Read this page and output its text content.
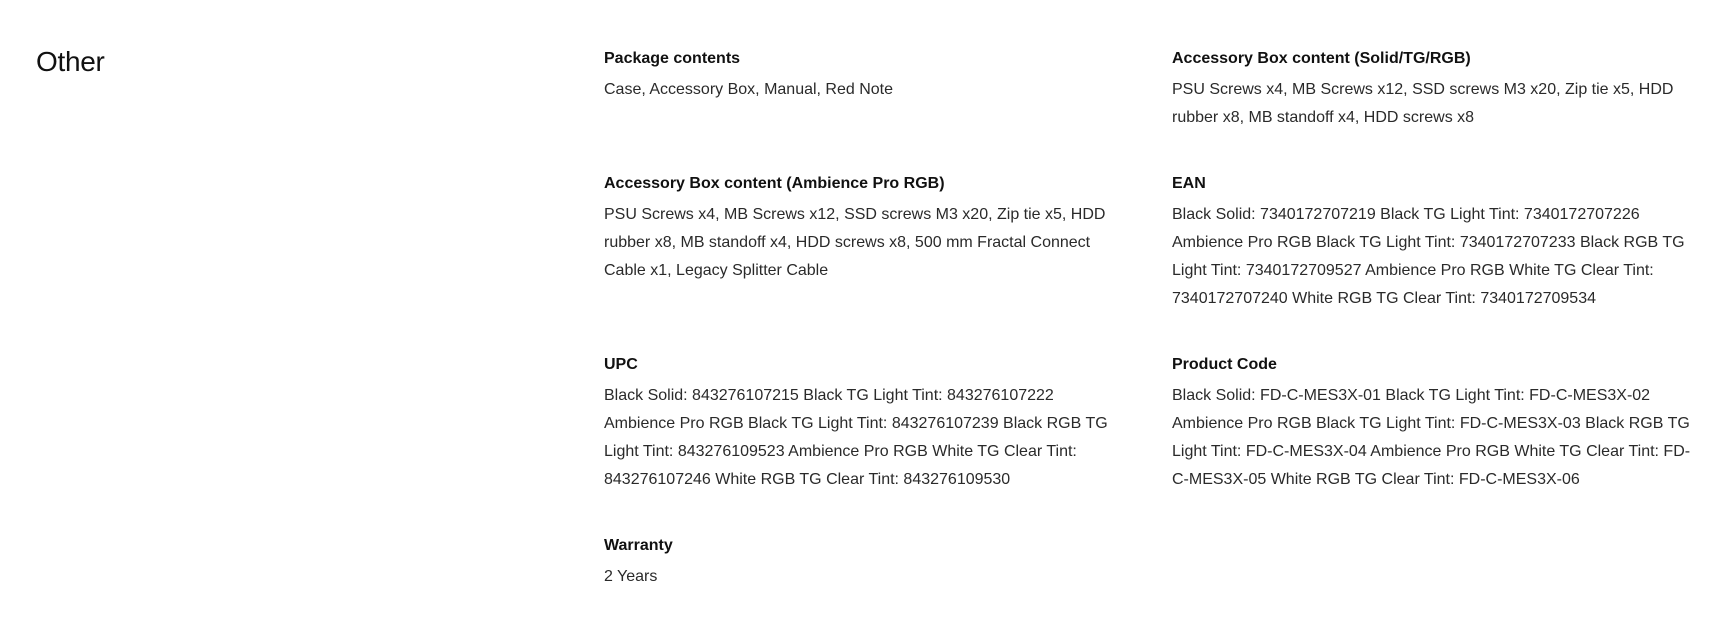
Other	Package contents
Case, Accessory Box, Manual, Red Note
Accessory Box content (Solid/TG/RGB)
PSU Screws x4, MB Screws x12, SSD screws M3 x20, Zip tie x5, HDD rubber x8, MB standoff x4, HDD screws x8
Accessory Box content (Ambience Pro RGB)
PSU Screws x4, MB Screws x12, SSD screws M3 x20, Zip tie x5, HDD rubber x8, MB standoff x4, HDD screws x8, 500 mm Fractal Connect Cable x1, Legacy Splitter Cable
EAN
Black Solid: 7340172707219 Black TG Light Tint: 7340172707226 Ambience Pro RGB Black TG Light Tint: 7340172707233 Black RGB TG Light Tint: 7340172709527 Ambience Pro RGB White TG Clear Tint: 7340172707240 White RGB TG Clear Tint: 7340172709534
UPC
Black Solid: 843276107215 Black TG Light Tint: 843276107222 Ambience Pro RGB Black TG Light Tint: 843276107239 Black RGB TG Light Tint: 843276109523 Ambience Pro RGB White TG Clear Tint: 843276107246 White RGB TG Clear Tint: 843276109530
Product Code
Black Solid: FD-C-MES3X-01 Black TG Light Tint: FD-C-MES3X-02 Ambience Pro RGB Black TG Light Tint: FD-C-MES3X-03 Black RGB TG Light Tint: FD-C-MES3X-04 Ambience Pro RGB White TG Clear Tint: FD-C-MES3X-05 White RGB TG Clear Tint: FD-C-MES3X-06
Warranty
2 Years
